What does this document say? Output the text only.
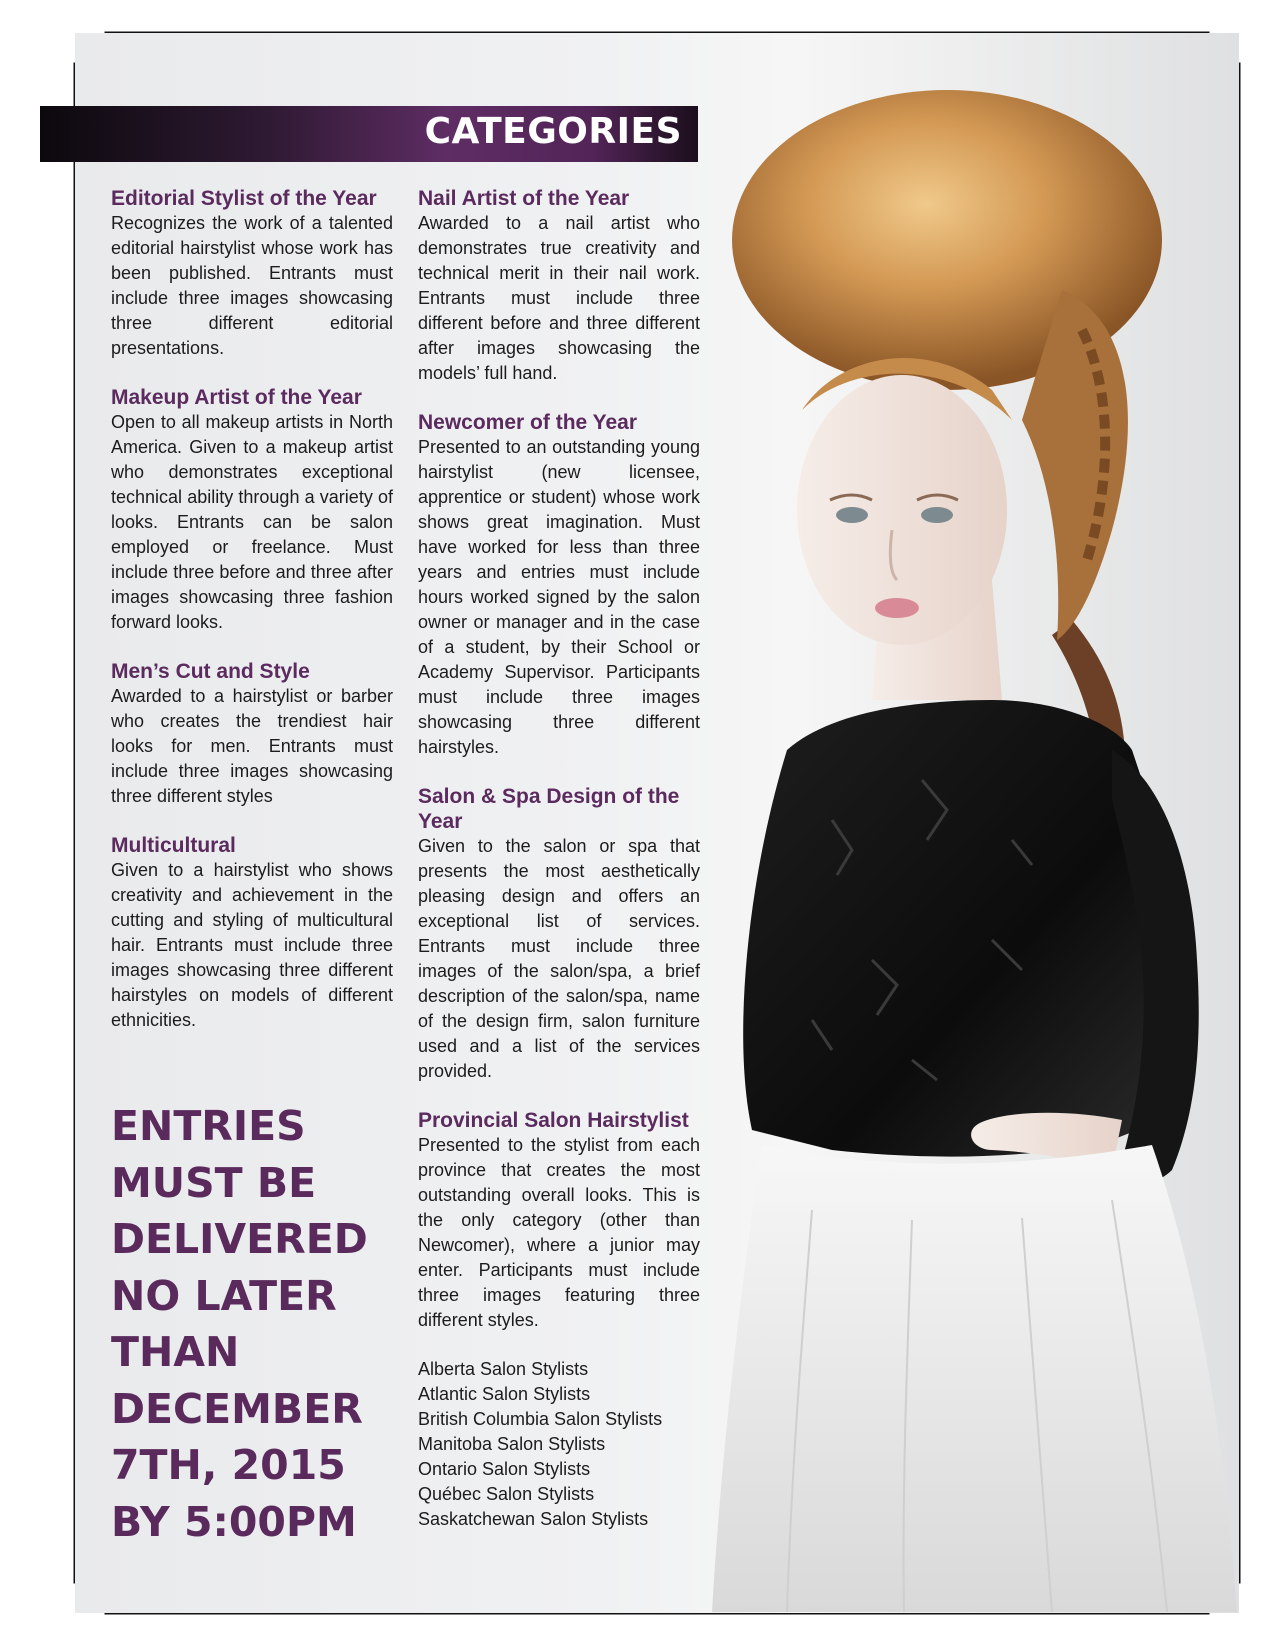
CATEGORIES
Editorial Stylist of the Year

Recognizes the work of a talented editorial hairstylist whose work has been published. Entrants must include three images showcasing three different editorial presentations.

Makeup Artist of the Year

Open to all makeup artists in North America. Given to a makeup artist who demonstrates exceptional technical ability through a variety of looks. Entrants can be salon employed or freelance. Must include three before and three after images showcasing three fashion forward looks.

Men’s Cut and Style

Awarded to a hairstylist or barber who creates the trendiest hair looks for men. Entrants must include three images showcasing three different styles

Multicultural

Given to a hairstylist who shows creativity and achievement in the cutting and styling of multicultural hair. Entrants must include three images showcasing three different hairstyles on models of different ethnicities.

ENTRIES MUST BE DELIVERED NO LATER THAN DECEMBER 7TH, 2015 BY 5:00PM

Nail Artist of the Year

Awarded to a nail artist who demonstrates true creativity and technical merit in their nail work. Entrants must include three different before and three different after images showcasing the models’ full hand.

Newcomer of the Year

Presented to an outstanding young hairstylist (new licensee, apprentice or student) whose work shows great imagination. Must have worked for less than three years and entries must include hours worked signed by the salon owner or manager and in the case of a student, by their School or Academy Supervisor. Participants must include three images showcasing three different hairstyles.

Salon & Spa Design of the Year

Given to the salon or spa that presents the most aesthetically pleasing design and offers an exceptional list of services. Entrants must include three images of the salon/spa, a brief description of the salon/spa, name of the design firm, salon furniture used and a list of the services provided.

Provincial Salon Hairstylist

Presented to the stylist from each province that creates the most outstanding overall looks. This is the only category (other than Newcomer), where a junior may enter. Participants must include three images featuring three different styles.

Alberta Salon Stylists
Atlantic Salon Stylists
British Columbia Salon Stylists
Manitoba Salon Stylists
Ontario Salon Stylists
Québec Salon Stylists
Saskatchewan Salon Stylists
